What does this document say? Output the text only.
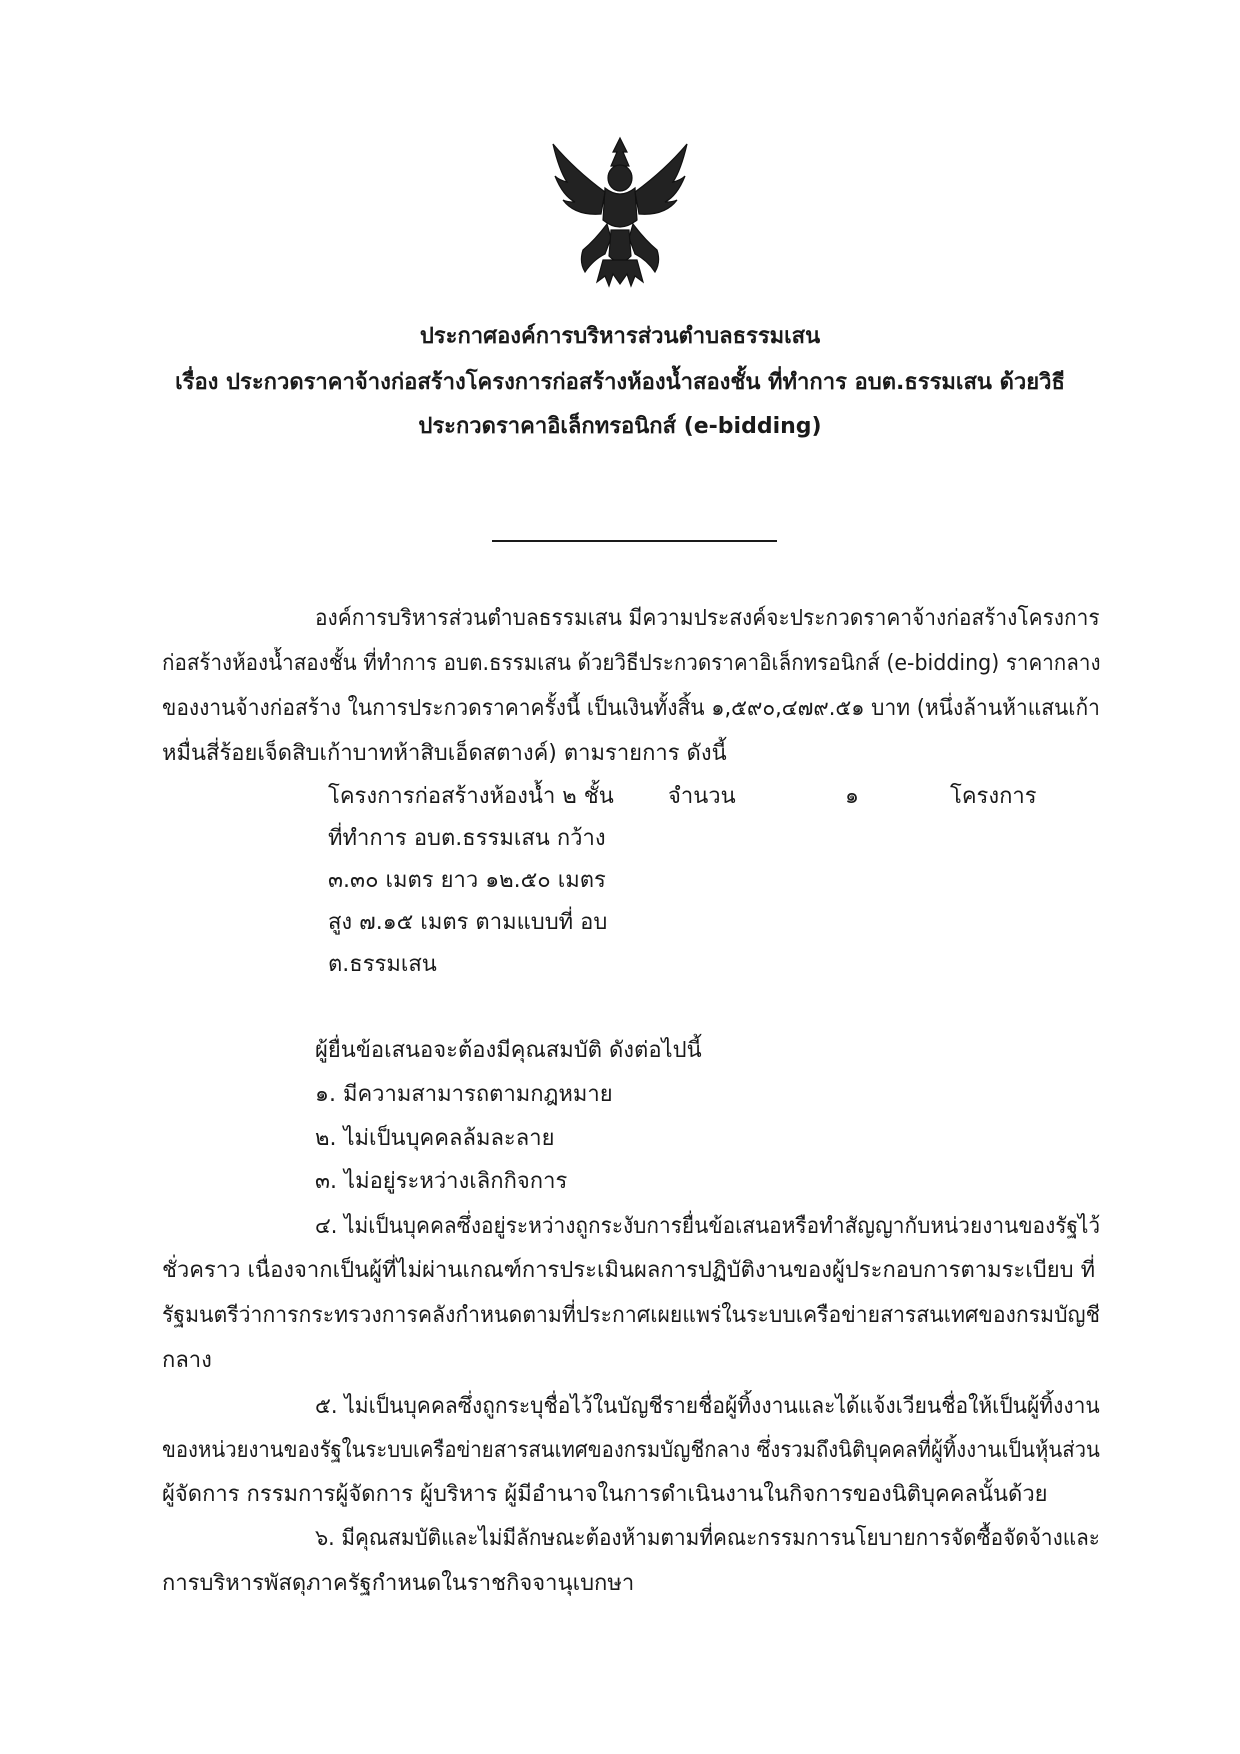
ประกาศองค์การบริหารส่วนตำบลธรรมเสน
เรื่อง ประกวดราคาจ้างก่อสร้างโครงการก่อสร้างห้องน้ำสองชั้น ที่ทำการ อบต.ธรรมเสน ด้วยวิธี
ประกวดราคาอิเล็กทรอนิกส์ (e-bidding)
องค์การบริหารส่วนตำบลธรรมเสน มีความประสงค์จะประกวดราคาจ้างก่อสร้างโครงการ
ก่อสร้างห้องน้ำสองชั้น ที่ทำการ อบต.ธรรมเสน ด้วยวิธีประกวดราคาอิเล็กทรอนิกส์ (e-bidding) ราคากลาง
ของงานจ้างก่อสร้าง ในการประกวดราคาครั้งนี้ เป็นเงินทั้งสิ้น ๑,๕๙๐,๔๗๙.๕๑ บาท (หนึ่งล้านห้าแสนเก้า
หมื่นสี่ร้อยเจ็ดสิบเก้าบาทห้าสิบเอ็ดสตางค์) ตามรายการ ดังนี้
โครงการก่อสร้างห้องน้ำ ๒ ชั้น
ที่ทำการ อบต.ธรรมเสน กว้าง
๓.๓๐ เมตร ยาว ๑๒.๕๐ เมตร
สูง ๗.๑๕ เมตร ตามแบบที่ อบ
ต.ธรรมเสน
จำนวน	๑	โครงการ
ผู้ยื่นข้อเสนอจะต้องมีคุณสมบัติ ดังต่อไปนี้
๑. มีความสามารถตามกฎหมาย
๒. ไม่เป็นบุคคลล้มละลาย
๓. ไม่อยู่ระหว่างเลิกกิจการ
๔. ไม่เป็นบุคคลซึ่งอยู่ระหว่างถูกระงับการยื่นข้อเสนอหรือทำสัญญากับหน่วยงานของรัฐไว้
ชั่วคราว เนื่องจากเป็นผู้ที่ไม่ผ่านเกณฑ์การประเมินผลการปฏิบัติงานของผู้ประกอบการตามระเบียบ ที่
รัฐมนตรีว่าการกระทรวงการคลังกำหนดตามที่ประกาศเผยแพร่ในระบบเครือข่ายสารสนเทศของกรมบัญชี
กลาง
๕. ไม่เป็นบุคคลซึ่งถูกระบุชื่อไว้ในบัญชีรายชื่อผู้ทิ้งงานและได้แจ้งเวียนชื่อให้เป็นผู้ทิ้งงาน
ของหน่วยงานของรัฐในระบบเครือข่ายสารสนเทศของกรมบัญชีกลาง ซึ่งรวมถึงนิติบุคคลที่ผู้ทิ้งงานเป็นหุ้นส่วน
ผู้จัดการ กรรมการผู้จัดการ ผู้บริหาร ผู้มีอำนาจในการดำเนินงานในกิจการของนิติบุคคลนั้นด้วย
๖. มีคุณสมบัติและไม่มีลักษณะต้องห้ามตามที่คณะกรรมการนโยบายการจัดซื้อจัดจ้างและ
การบริหารพัสดุภาครัฐกำหนดในราชกิจจานุเบกษา
